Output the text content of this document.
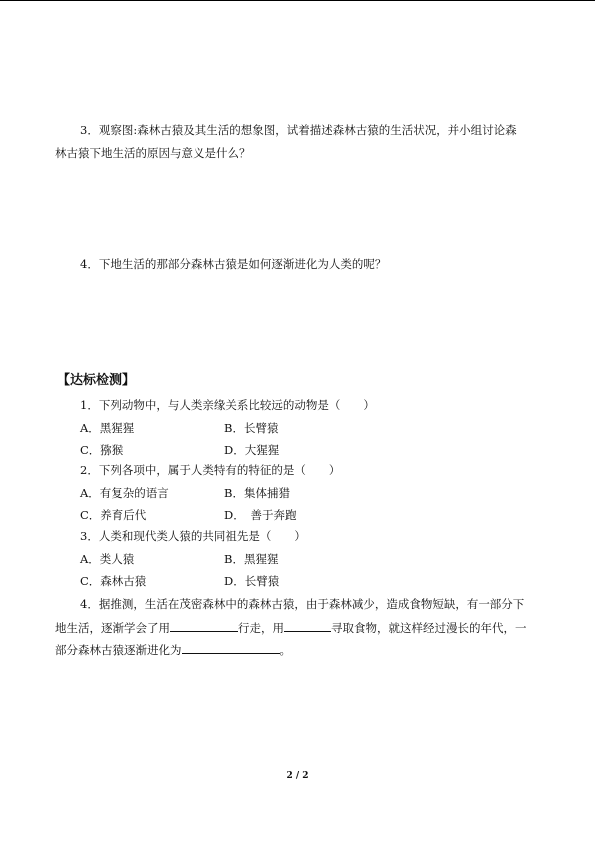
3．观察图:森林古猿及其生活的想象图，试着描述森林古猿的生活状况，并小组讨论森
林古猿下地生活的原因与意义是什么？
4．下地生活的那部分森林古猿是如何逐渐进化为人类的呢？
【达标检测】
1．下列动物中，与人类亲缘关系比较远的动物是（　　）
A．黑猩猩	B．长臂猿
C．猕猴	D．大猩猩
2．下列各项中，属于人类特有的特征的是（　　）
A．有复杂的语言	B．集体捕猎
C．养育后代	D．　善于奔跑
3．人类和现代类人猿的共同祖先是（　　）
A．类人猿	B．黑猩猩
C．森林古猿	D．长臂猿
4．据推测，生活在茂密森林中的森林古猿，由于森林减少，造成食物短缺，有一部分下
地生活，逐渐学会了用	行走，用	寻取食物，就这样经过漫长的年代，一
部分森林古猿逐渐进化为	。
2 / 2
